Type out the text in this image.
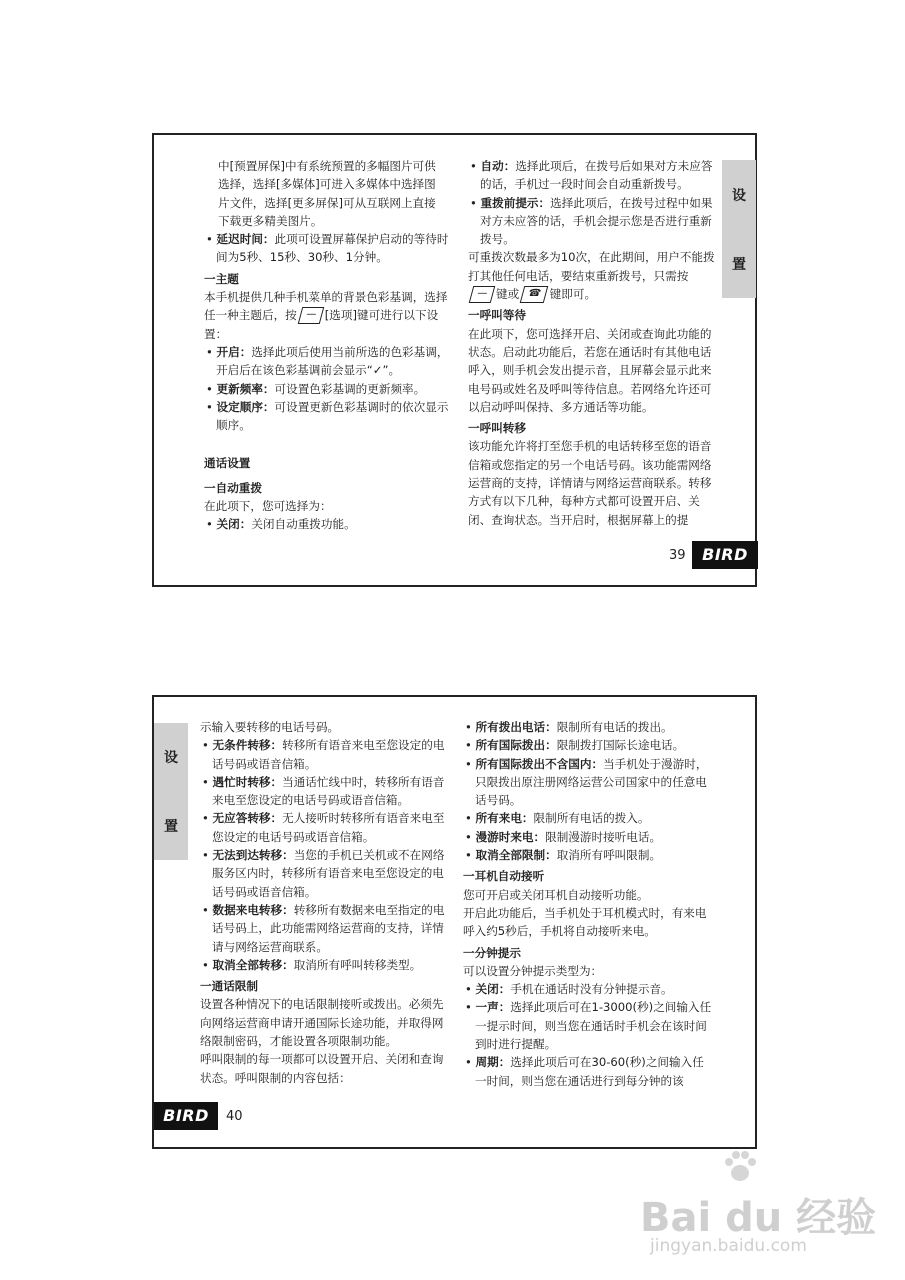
中[预置屏保]中有系统预置的多幅图片可供

选择，选择[多媒体]可进入多媒体中选择图

片文件，选择[更多屏保]可从互联网上直接

下载更多精美图片。

• 延迟时间：此项可设置屏幕保护启动的等待时间为5秒、15秒、30秒、1分钟。

一主题

本手机提供几种手机菜单的背景色彩基调，选择任一种主题后，按 — [选项]键可进行以下设置：

• 开启：选择此项后使用当前所选的色彩基调，开启后在该色彩基调前会显示“✓”。

• 更新频率：可设置色彩基调的更新频率。

• 设定顺序：可设置更新色彩基调时的依次显示顺序。

通话设置

一自动重拨

在此项下，您可选择为：

• 关闭：关闭自动重拨功能。

• 自动：选择此项后，在拨号后如果对方未应答的话，手机过一段时间会自动重新拨号。

• 重拨前提示：选择此项后，在拨号过程中如果对方未应答的话，手机会提示您是否进行重新拨号。

可重拨次数最多为10次，在此期间，用户不能拨打其他任何电话，要结束重新拨号，只需按— 键或 ☎ 键即可。

一呼叫等待

在此项下，您可选择开启、关闭或查询此功能的状态。启动此功能后，若您在通话时有其他电话呼入，则手机会发出提示音，且屏幕会显示此来电号码或姓名及呼叫等待信息。若网络允许还可以启动呼叫保持、多方通话等功能。

一呼叫转移

该功能允许将打至您手机的电话转移至您的语音信箱或您指定的另一个电话号码。该功能需网络运营商的支持，详情请与网络运营商联系。转移方式有以下几种，每种方式都可设置开启、关闭、查询状态。当开启时，根据屏幕上的提

设
置
39	BIRD
设
置

示输入要转移的电话号码。

• 无条件转移：转移所有语音来电至您设定的电话号码或语音信箱。

• 遇忙时转移：当通话忙线中时，转移所有语音来电至您设定的电话号码或语音信箱。

• 无应答转移：无人接听时转移所有语音来电至您设定的电话号码或语音信箱。

• 无法到达转移：当您的手机已关机或不在网络服务区内时，转移所有语音来电至您设定的电话号码或语音信箱。

• 数据来电转移：转移所有数据来电至指定的电话号码上，此功能需网络运营商的支持，详情请与网络运营商联系。

• 取消全部转移：取消所有呼叫转移类型。

一通话限制

设置各种情况下的电话限制接听或拨出。必须先向网络运营商申请开通国际长途功能，并取得网络限制密码，才能设置各项限制功能。

呼叫限制的每一项都可以设置开启、关闭和查询状态。呼叫限制的内容包括：

• 所有拨出电话：限制所有电话的拨出。

• 所有国际拨出：限制拨打国际长途电话。

• 所有国际拨出不含国内：当手机处于漫游时，只限拨出原注册网络运营公司国家中的任意电话号码。

• 所有来电：限制所有电话的拨入。

• 漫游时来电：限制漫游时接听电话。

• 取消全部限制：取消所有呼叫限制。

一耳机自动接听

您可开启或关闭耳机自动接听功能。

开启此功能后，当手机处于耳机模式时，有来电呼入约5秒后，手机将自动接听来电。

一分钟提示

可以设置分钟提示类型为：

• 关闭：手机在通话时没有分钟提示音。

• 一声：选择此项后可在1-3000(秒)之间输入任一提示时间，则当您在通话时手机会在该时间到时进行提醒。

• 周期：选择此项后可在30-60(秒)之间输入任一时间，则当您在通话进行到每分钟的该

BIRD	40
Bai du 经验
jingyan.baidu.com
